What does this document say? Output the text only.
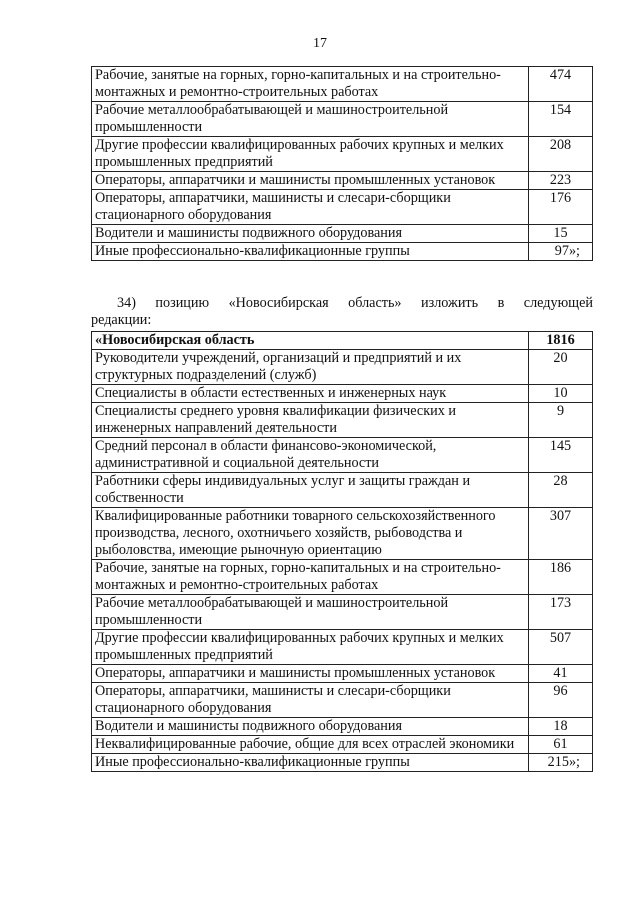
17
Рабочие, занятые на горных, горно-капитальных и на строительно-монтажных и ремонтно-строительных работах	474
Рабочие металлообрабатывающей и машиностроительной промышленности	154
Другие профессии квалифицированных рабочих крупных и мелких промышленных предприятий	208
Операторы, аппаратчики и машинисты промышленных установок	223
Операторы, аппаратчики, машинисты и слесари-сборщики стационарного оборудования	176
Водители и машинисты подвижного оборудования	15
Иные профессионально-квалификационные группы	97»;
34) позицию «Новосибирская область» изложить в следующей
редакции:
«Новосибирская область	1816
Руководители учреждений, организаций и предприятий и их структурных подразделений (служб)	20
Специалисты в области естественных и инженерных наук	10
Специалисты среднего уровня квалификации физических и инженерных направлений деятельности	9
Средний персонал в области финансово-экономической, административной и социальной деятельности	145
Работники сферы индивидуальных услуг и защиты граждан и собственности	28
Квалифицированные работники товарного сельскохозяйственного производства, лесного, охотничьего хозяйств, рыбоводства и рыболовства, имеющие рыночную ориентацию	307
Рабочие, занятые на горных, горно-капитальных и на строительно-монтажных и ремонтно-строительных работах	186
Рабочие металлообрабатывающей и машиностроительной промышленности	173
Другие профессии квалифицированных рабочих крупных и мелких промышленных предприятий	507
Операторы, аппаратчики и машинисты промышленных установок	41
Операторы, аппаратчики, машинисты и слесари-сборщики стационарного оборудования	96
Водители и машинисты подвижного оборудования	18
Неквалифицированные рабочие, общие для всех отраслей экономики	61
Иные профессионально-квалификационные группы	215»;
